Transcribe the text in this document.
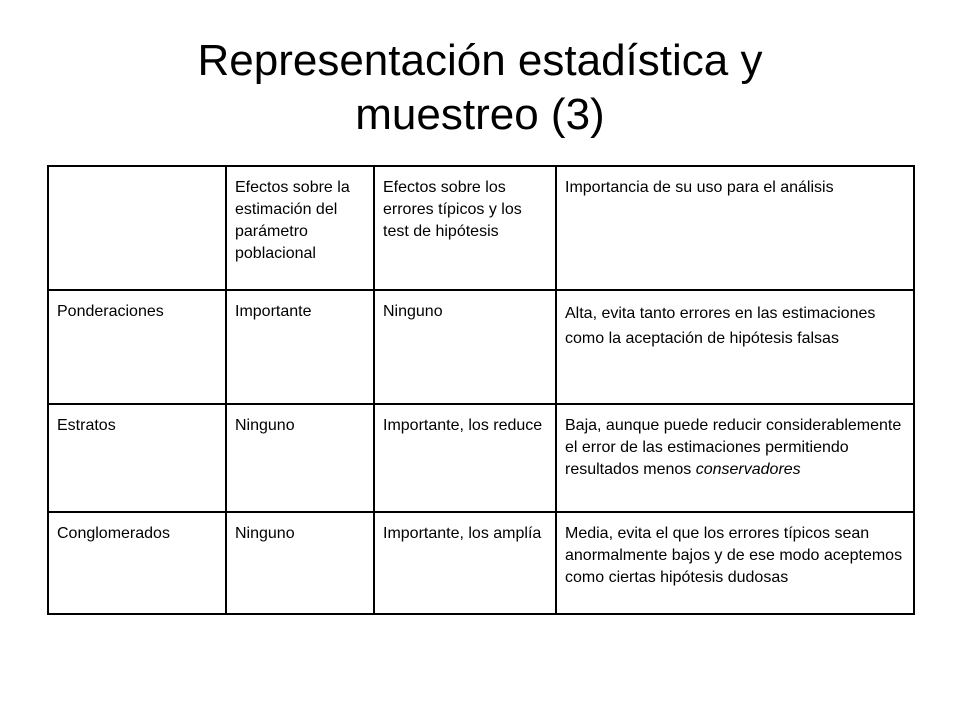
Representación estadística y
muestreo (3)
	Efectos sobre la estimación del parámetro poblacional	Efectos sobre los errores típicos y los test de hipótesis	Importancia de su uso para el análisis
Ponderaciones	Importante	Ninguno	Alta, evita tanto errores en las estimaciones como la aceptación de hipótesis falsas
Estratos	Ninguno	Importante, los reduce	Baja, aunque puede reducir considerablemente el error de las estimaciones permitiendo resultados menos conservadores
Conglomerados	Ninguno	Importante, los amplía	Media, evita el que los errores típicos sean anormalmente bajos y de ese modo aceptemos como ciertas hipótesis dudosas
